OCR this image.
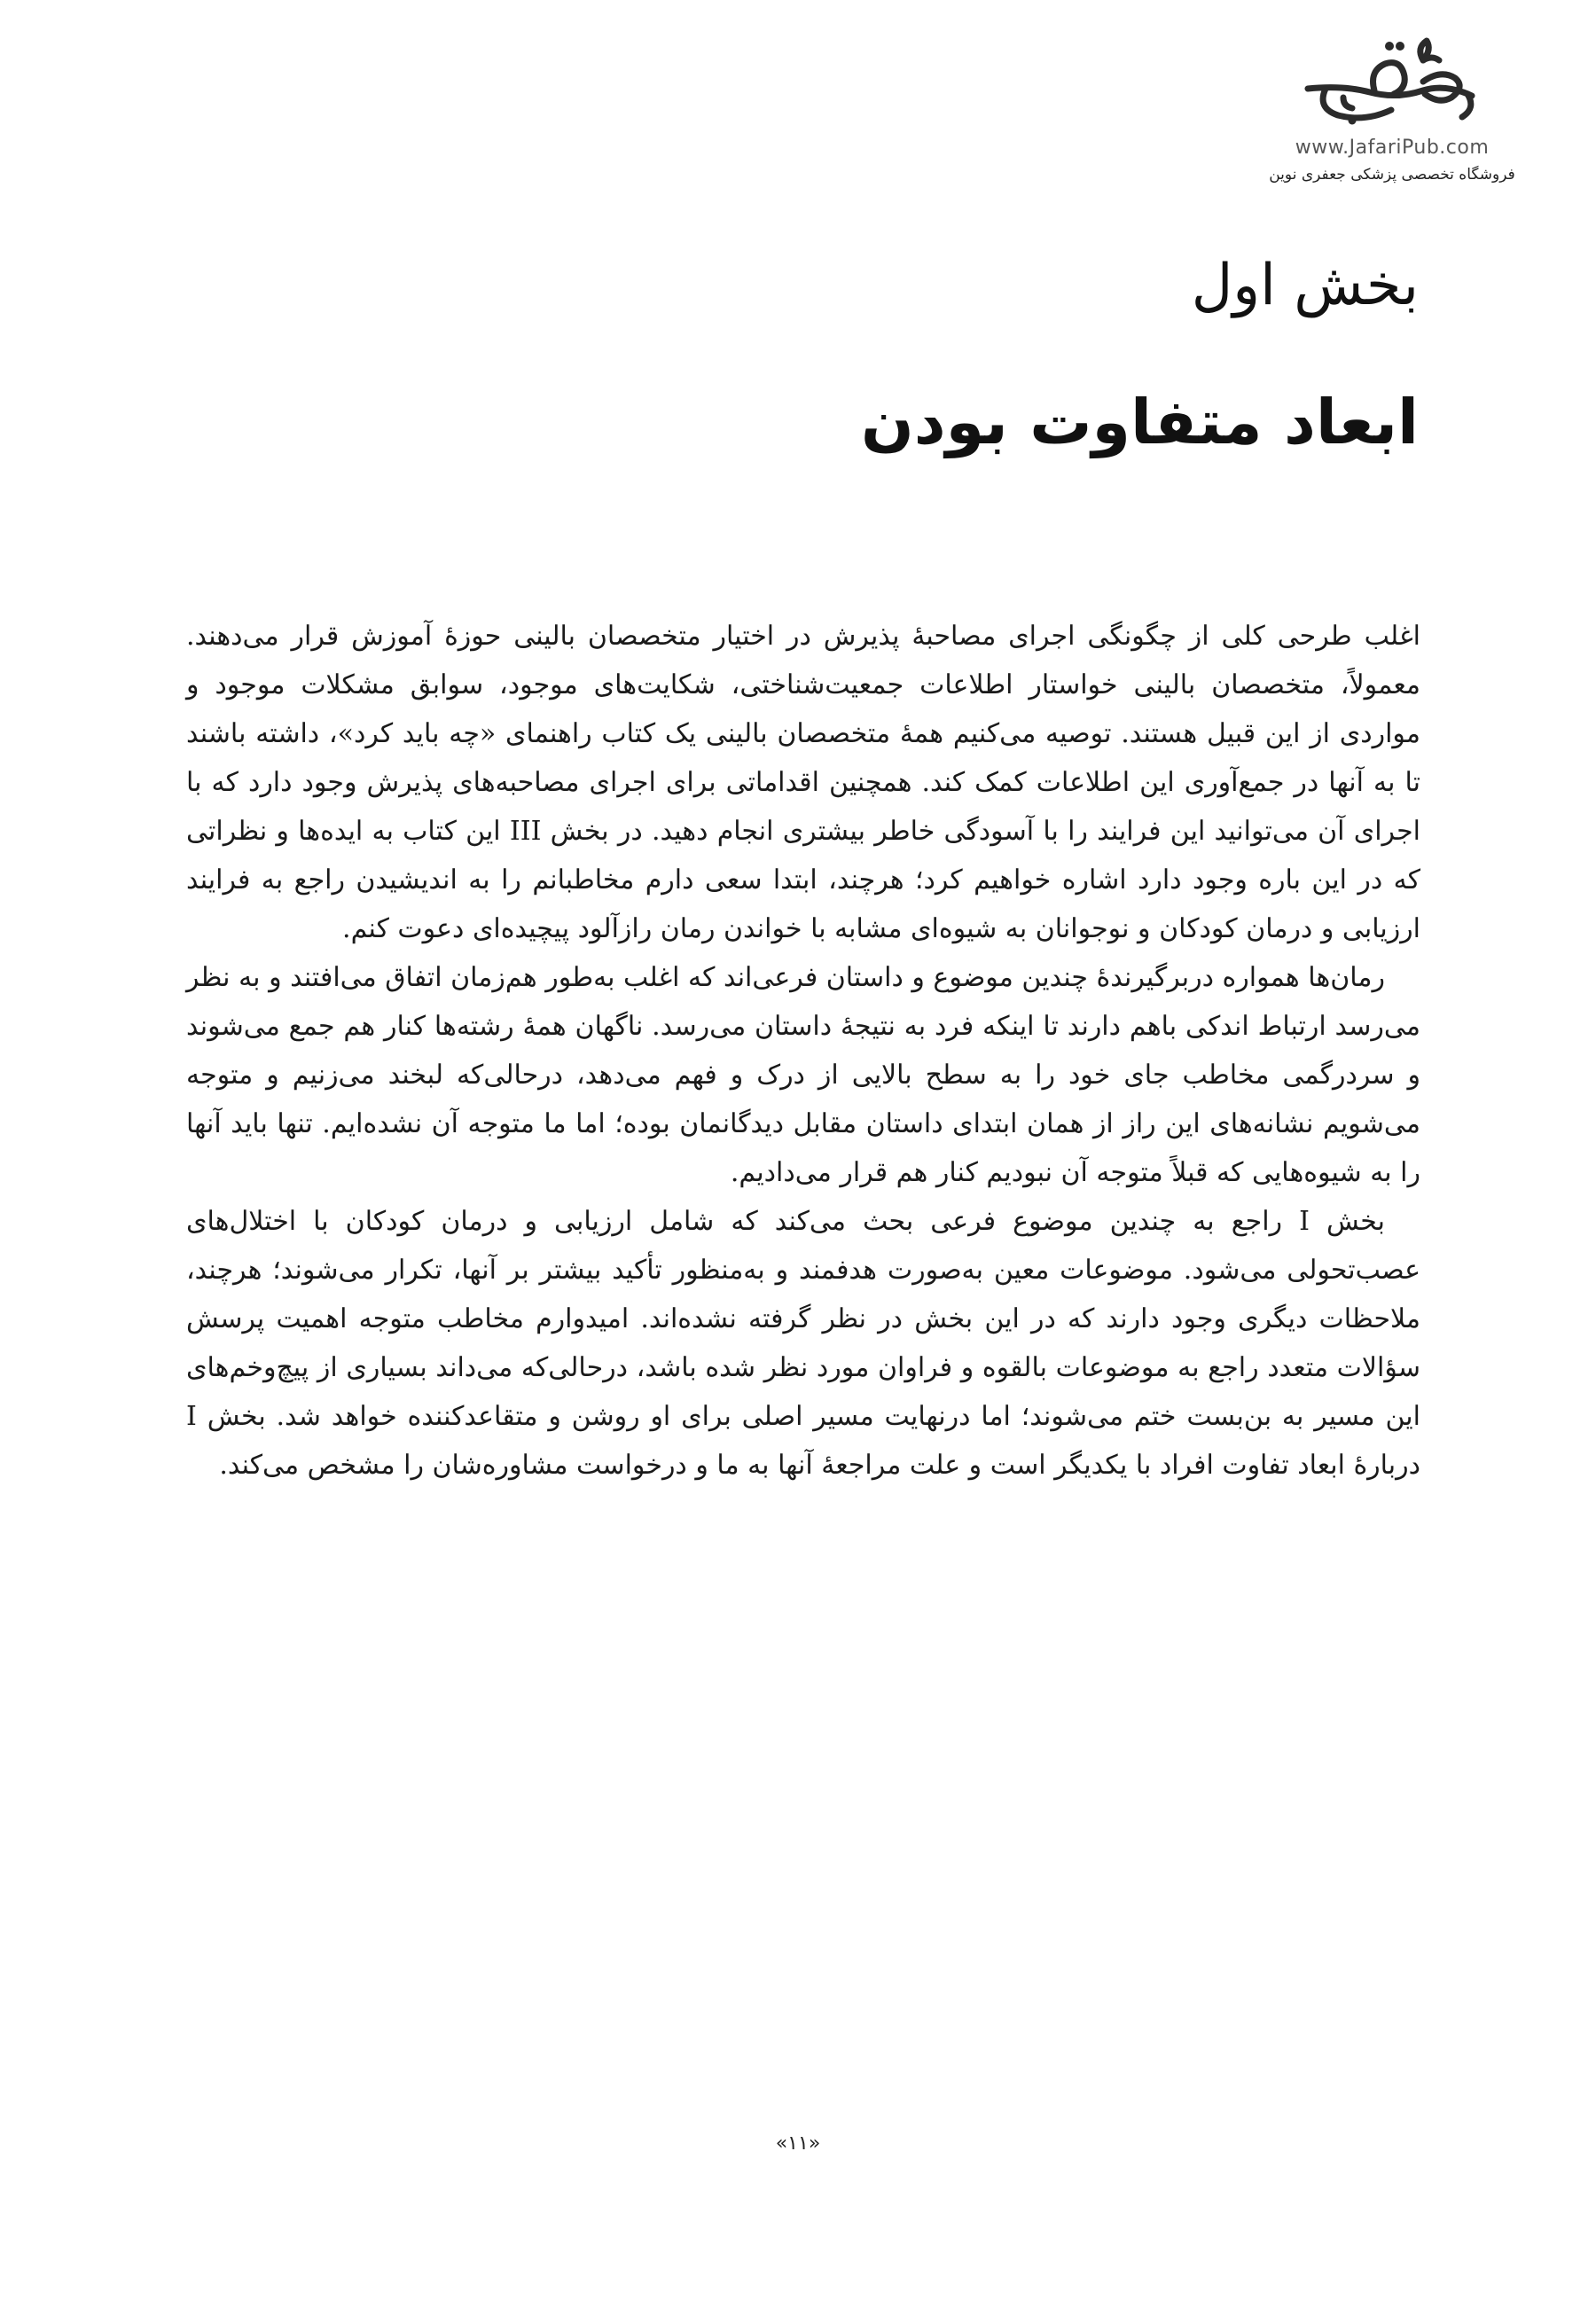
www.JafariPub.com
فروشگاه تخصصی پزشکی جعفری نوین
بخش اول
ابعاد متفاوت بودن

اغلب طرحی کلی از چگونگی اجرای مصاحبهٔ پذیرش در اختیار متخصصان بالینی حوزهٔ آموزش قرار می‌دهند. معمولاً، متخصصان بالینی خواستار اطلاعات جمعیت‌شناختی، شکایت‌های موجود، سوابق مشکلات موجود و مواردی از این قبیل هستند. توصیه می‌کنیم همهٔ متخصصان بالینی یک کتاب راهنمای «چه باید کرد»، داشته باشند تا به آنها در جمع‌آوری این اطلاعات کمک کند. همچنین اقداماتی برای اجرای مصاحبه‌های پذیرش وجود دارد که با اجرای آن می‌توانید این فرایند را با آسودگی خاطر بیشتری انجام دهید. در بخش III این کتاب به ایده‌ها و نظراتی که در این باره وجود دارد اشاره خواهیم کرد؛ هرچند، ابتدا سعی دارم مخاطبانم را به اندیشیدن راجع به فرایند ارزیابی و درمان کودکان و نوجوانان به شیوه‌ای مشابه با خواندن رمان رازآلود پیچیده‌ای دعوت کنم.

رمان‌ها همواره دربرگیرندهٔ چندین موضوع و داستان فرعی‌اند که اغلب به‌طور هم‌زمان اتفاق می‌افتند و به نظر می‌رسد ارتباط اندکی باهم دارند تا اینکه فرد به نتیجهٔ داستان می‌رسد. ناگهان همهٔ رشته‌ها کنار هم جمع می‌شوند و سردرگمی مخاطب جای خود را به سطح بالایی از درک و فهم می‌دهد، درحالی‌که لبخند می‌زنیم و متوجه می‌شویم نشانه‌های این راز از همان ابتدای داستان مقابل دیدگانمان بوده؛ اما ما متوجه آن نشده‌ایم. تنها باید آنها را به شیوه‌هایی که قبلاً متوجه آن نبودیم کنار هم قرار می‌دادیم.

بخش I راجع به چندین موضوع فرعی بحث می‌کند که شامل ارزیابی و درمان کودکان با اختلال‌های عصب‌تحولی می‌شود. موضوعات معین به‌صورت هدفمند و به‌منظور تأکید بیشتر بر آنها، تکرار می‌شوند؛ هرچند، ملاحظات دیگری وجود دارند که در این بخش در نظر گرفته نشده‌اند. امیدوارم مخاطب متوجه اهمیت پرسش سؤالات متعدد راجع به موضوعات بالقوه و فراوان مورد نظر شده باشد، درحالی‌که می‌داند بسیاری از پیچ‌وخم‌های این مسیر به بن‌بست ختم می‌شوند؛ اما درنهایت مسیر اصلی برای او روشن و متقاعدکننده خواهد شد. بخش I دربارهٔ ابعاد تفاوت افراد با یکدیگر است و علت مراجعهٔ آنها به ما و درخواست مشاوره‌شان را مشخص می‌کند.

«۱۱»
